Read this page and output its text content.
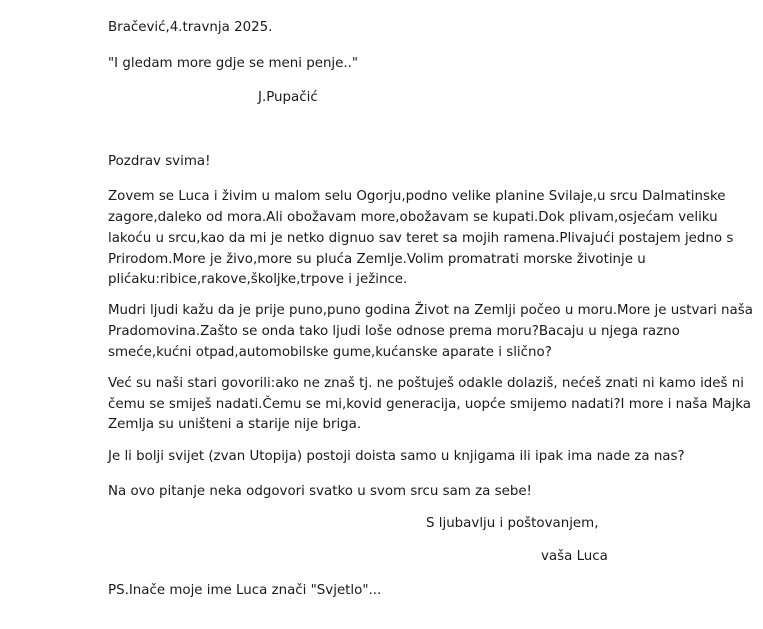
Bračević,4.travnja 2025.
"I gledam more gdje se meni penje.."
J.Pupačić
Pozdrav svima!
Zovem se Luca i živim u malom selu Ogorju,podno velike planine Svilaje,u srcu Dalmatinske
zagore,daleko od mora.Ali obožavam more,obožavam se kupati.Dok plivam,osjećam veliku
lakoću u srcu,kao da mi je netko dignuo sav teret sa mojih ramena.Plivajući postajem jedno s
Prirodom.More je živo,more su pluća Zemlje.Volim promatrati morske životinje u
plićaku:ribice,rakove,školjke,trpove i ježince.
Mudri ljudi kažu da je prije puno,puno godina Život na Zemlji počeo u moru.More je ustvari naša
Pradomovina.Zašto se onda tako ljudi loše odnose prema moru?Bacaju u njega razno
smeće,kućni otpad,automobilske gume,kućanske aparate i slično?
Već su naši stari govorili:ako ne znaš tj. ne poštuješ odakle dolaziš, nećeš znati ni kamo ideš ni
čemu se smiješ nadati.Čemu se mi,kovid generacija, uopće smijemo nadati?I more i naša Majka
Zemlja su uništeni a starije nije briga.
Je li bolji svijet (zvan Utopija) postoji doista samo u knjigama ili ipak ima nade za nas?
Na ovo pitanje neka odgovori svatko u svom srcu sam za sebe!
S ljubavlju i poštovanjem,
vaša Luca
PS.Inače moje ime Luca znači "Svjetlo"...
